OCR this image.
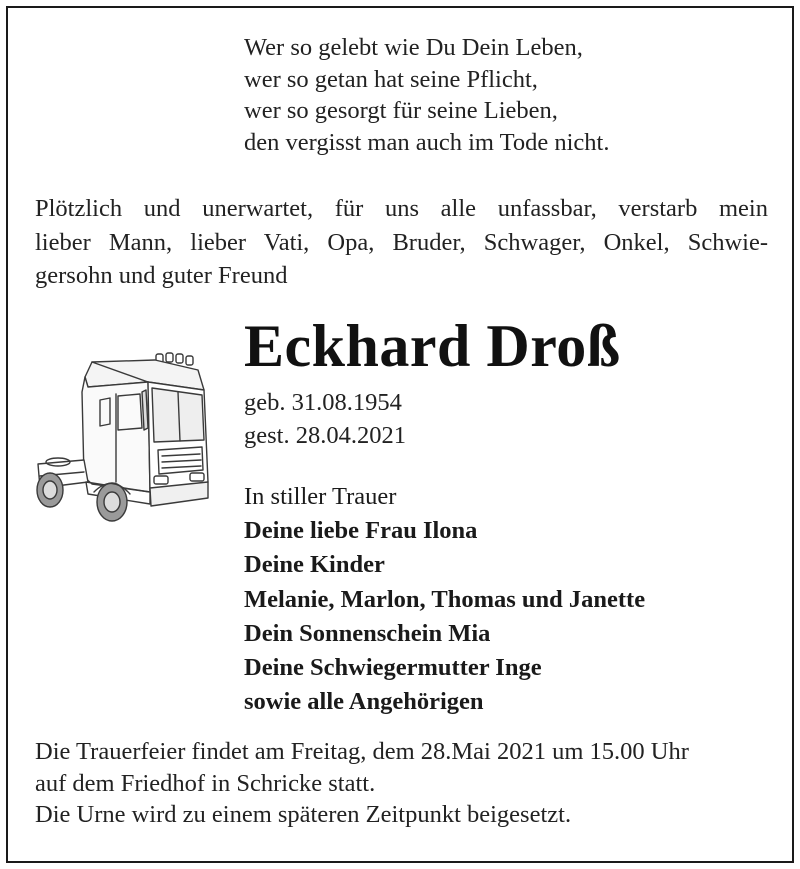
Wer so gelebt wie Du Dein Leben,
wer so getan hat seine Pflicht,
wer so gesorgt für seine Lieben,
den vergisst man auch im Tode nicht.
Plötzlich und unerwartet, für uns alle unfassbar, verstarb mein
lieber Mann, lieber Vati, Opa, Bruder, Schwager, Onkel, Schwie-
gersohn und guter Freund
Eckhard Droß
geb. 31.08.1954
gest. 28.04.2021
In stiller Trauer
Deine liebe Frau Ilona
Deine Kinder
Melanie, Marlon, Thomas und Janette
Dein Sonnenschein Mia
Deine Schwiegermutter Inge
sowie alle Angehörigen
Die Trauerfeier findet am Freitag, dem 28.Mai 2021 um 15.00 Uhr
auf dem Friedhof in Schricke statt.
Die Urne wird zu einem späteren Zeitpunkt beigesetzt.
